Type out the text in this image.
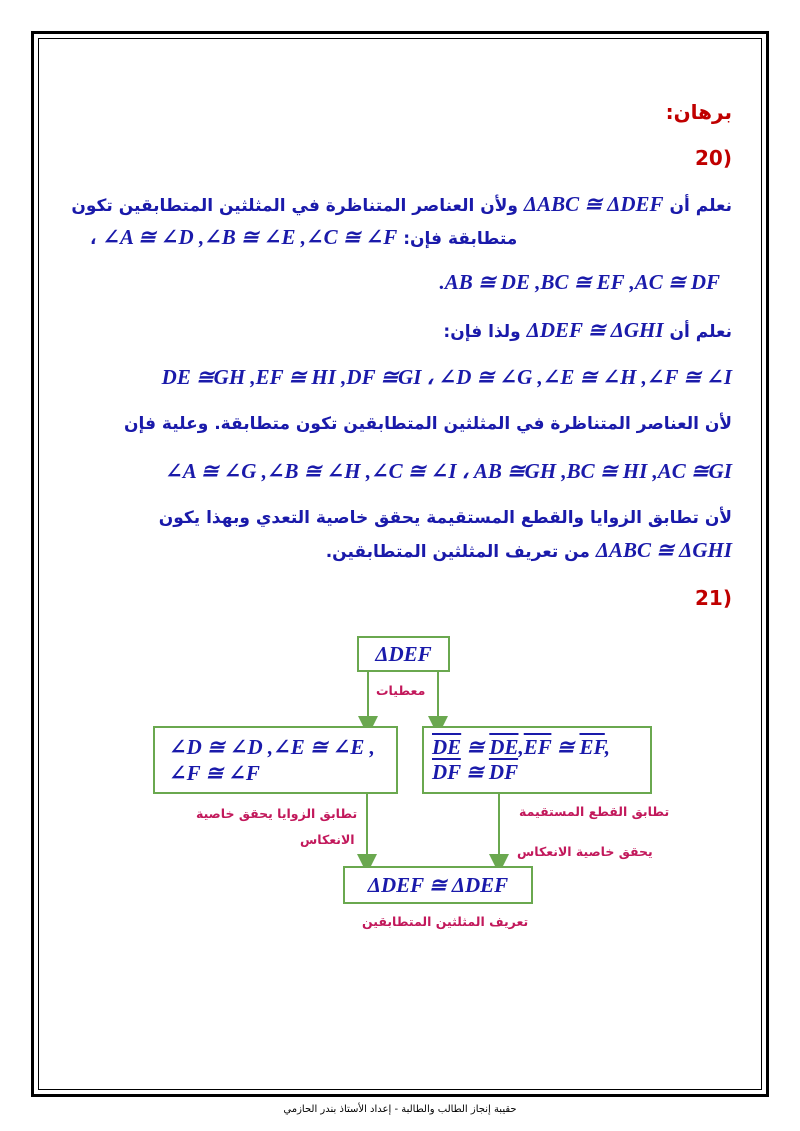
برهان:
(20
نعلم أن ΔABC ≅ ΔDEF ولأن العناصر المتناظرة في المثلثين المتطابقين تكون
، ∠A ≅ ∠D ,∠B ≅ ∠E ,∠C ≅ ∠F متطابقة فإن:
.AB ≅ DE ,BC ≅ EF ,AC ≅ DF
نعلم أن ΔDEF ≅ ΔGHI ولذا فإن:
DE ≅GH ,EF ≅ HI ,DF ≅GI ، ∠D ≅ ∠G ,∠E ≅ ∠H ,∠F ≅ ∠I
لأن العناصر المتناظرة في المثلثين المتطابقين تكون متطابقة. وعلية فإن
∠A ≅ ∠G ,∠B ≅ ∠H ,∠C ≅ ∠I ، AB ≅GH ,BC ≅ HI ,AC ≅GI
لأن تطابق الزوايا والقطع المستقيمة يحقق خاصية التعدي وبهذا يكون
ΔABC ≅ ΔGHI من تعريف المثلثين المتطابقين.
(21
ΔDEF
معطيات
∠D ≅ ∠D ,∠E ≅ ∠E ,
∠F ≅ ∠F
$\overline{DE}$ ≅ $\overline{DE},\overline{EF}$ ≅ $\overline{EF}$,
$\overline{DF}$ ≅ $\overline{DF}$
تطابق الزوايا يحقق خاصية
الانعكاس
تطابق القطع المستقيمة
يحقق خاصية الانعكاس
ΔDEF ≅ ΔDEF
تعريف المثلثين المتطابقين
حقيبة إنجاز الطالب والطالبة - إعداد الأستاذ بندر الحازمي
